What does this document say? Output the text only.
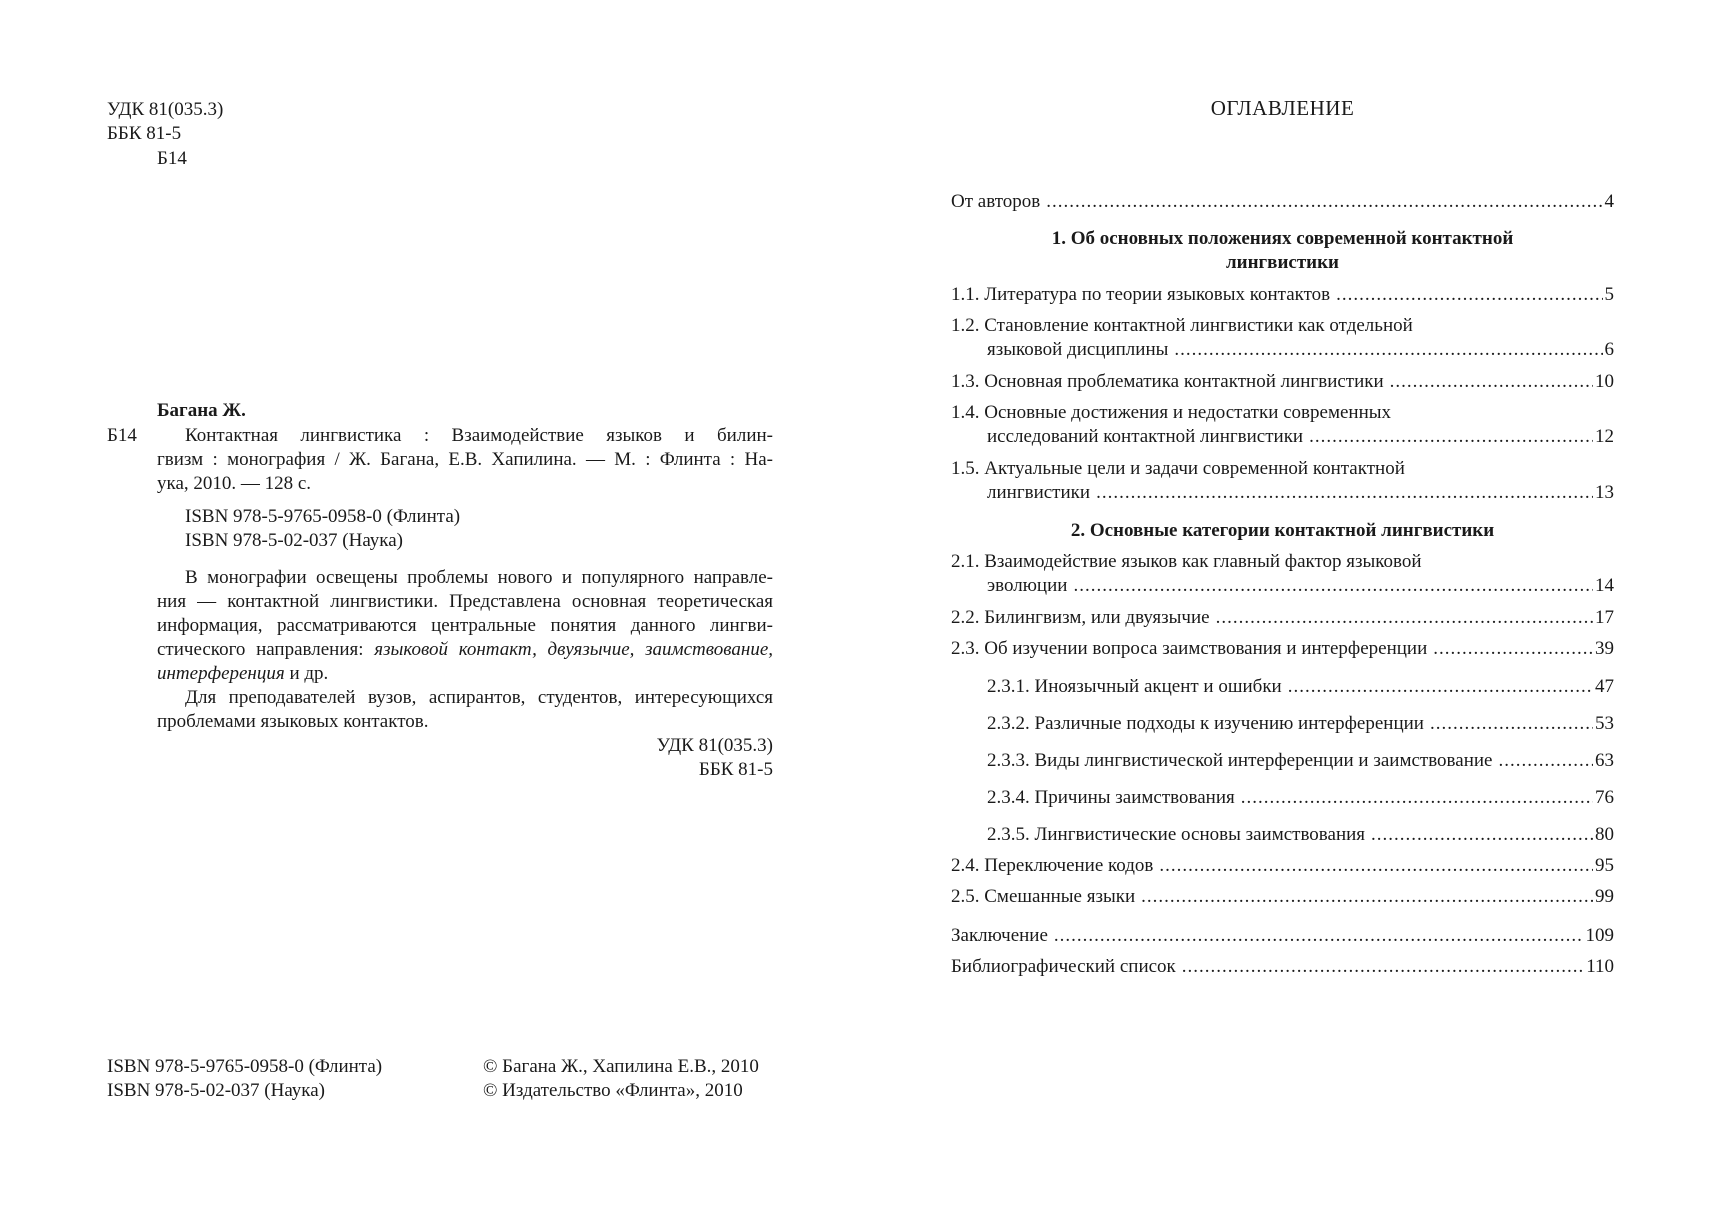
УДК 81(035.3)
ББК 81-5
Б14
Багана Ж.
Б14	Контактная лингвистика : Взаимодействие языков и билин-
гвизм : монография / Ж. Багана, Е.В. Хапилина. — М. : Флинта : На-
ука, 2010. — 128 с.
ISBN 978-5-9765-0958-0 (Флинта)
ISBN 978-5-02-037 (Наука)
В монографии освещены проблемы нового и популярного направле-
ния — контактной лингвистики. Представлена основная теоретическая
информация, рассматриваются центральные понятия данного лингви-
стического направления: языковой контакт, двуязычие, заимствование,
интерференция и др.
Для преподавателей вузов, аспирантов, студентов, интересующихся
проблемами языковых контактов.
УДК 81(035.3)
ББК 81-5
ISBN 978-5-9765-0958-0 (Флинта)
ISBN 978-5-02-037 (Наука)
© Багана Ж., Хапилина Е.В., 2010
© Издательство «Флинта», 2010
ОГЛАВЛЕНИЕ
От авторов .....	4
1. Об основных положениях современной контактной
лингвистики
1.1. Литература по теории языковых контактов .....	5
1.2. Становление контактной лингвистики как отдельной
языковой дисциплины .....	6
1.3. Основная проблематика контактной лингвистики .....	10
1.4. Основные достижения и недостатки современных
исследований контактной лингвистики .....	12
1.5. Актуальные цели и задачи современной контактной
лингвистики .....	13
2. Основные категории контактной лингвистики
2.1. Взаимодействие языков как главный фактор языковой
эволюции .....	14
2.2. Билингвизм, или двуязычие .....	17
2.3. Об изучении вопроса заимствования и интерференции .....	39
2.3.1. Иноязычный акцент и ошибки .....	47
2.3.2. Различные подходы к изучению интерференции .....	53
2.3.3. Виды лингвистической интерференции и заимствование .....	63
2.3.4. Причины заимствования .....	76
2.3.5. Лингвистические основы заимствования .....	80
2.4. Переключение кодов .....	95
2.5. Смешанные языки .....	99
Заключение .....	109
Библиографический список .....	110
